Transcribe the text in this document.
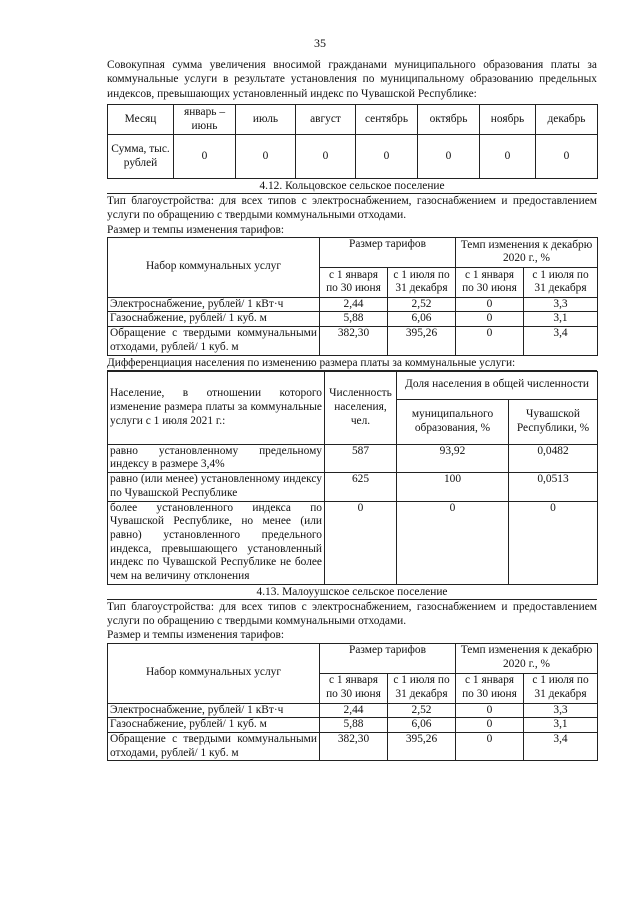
35

Совокупная сумма увеличения вносимой гражданами муниципального образования платы за коммунальные услуги в результате установления по муниципальному образованию предельных индексов, превышающих установленный индекс по Чувашской Республике:

Месяц	январь – июнь	июль	август	сентябрь	октябрь	ноябрь	декабрь
Сумма, тыс. рублей	0	0	0	0	0	0	0

4.12. Кольцовское сельское поселение

Тип благоустройства: для всех типов с электроснабжением, газоснабжением и предоставлением услуги по обращению с твердыми коммунальными отходами.

Размер и темпы изменения тарифов:

Набор коммунальных услуг	Размер тарифов		Темп изменения к декабрю 2020 г., %	
	с 1 января по 30 июня	с 1 июля по 31 декабря	с 1 января по 30 июня	с 1 июля по 31 декабря
Электроснабжение, рублей/ 1 кВт·ч	2,44	2,52	0	3,3
Газоснабжение, рублей/ 1 куб. м	5,88	6,06	0	3,1
Обращение с твердыми коммунальными отходами, рублей/ 1 куб. м	382,30	395,26	0	3,4

Дифференциация населения по изменению размера платы за коммунальные услуги:

Население, в отношении которого изменение размера платы за коммунальные услуги с 1 июля 2021 г.:	Численность населения, чел.	Доля населения в общей численности	
		муниципального образования, %	Чувашской Республики, %
равно установленному предельному индексу в размере 3,4%	587	93,92	0,0482
равно (или менее) установленному индексу по Чувашской Республике	625	100	0,0513
более установленного индекса по Чувашской Республике, но менее (или равно) установленного предельного индекса, превышающего установленный индекс по Чувашской Республике не более чем на величину отклонения	0	0	0

4.13. Малоуушское сельское поселение

Тип благоустройства: для всех типов с электроснабжением, газоснабжением и предоставлением услуги по обращению с твердыми коммунальными отходами.

Размер и темпы изменения тарифов:

Набор коммунальных услуг	Размер тарифов		Темп изменения к декабрю 2020 г., %	
	с 1 января по 30 июня	с 1 июля по 31 декабря	с 1 января по 30 июня	с 1 июля по 31 декабря
Электроснабжение, рублей/ 1 кВт·ч	2,44	2,52	0	3,3
Газоснабжение, рублей/ 1 куб. м	5,88	6,06	0	3,1
Обращение с твердыми коммунальными отходами, рублей/ 1 куб. м	382,30	395,26	0	3,4
